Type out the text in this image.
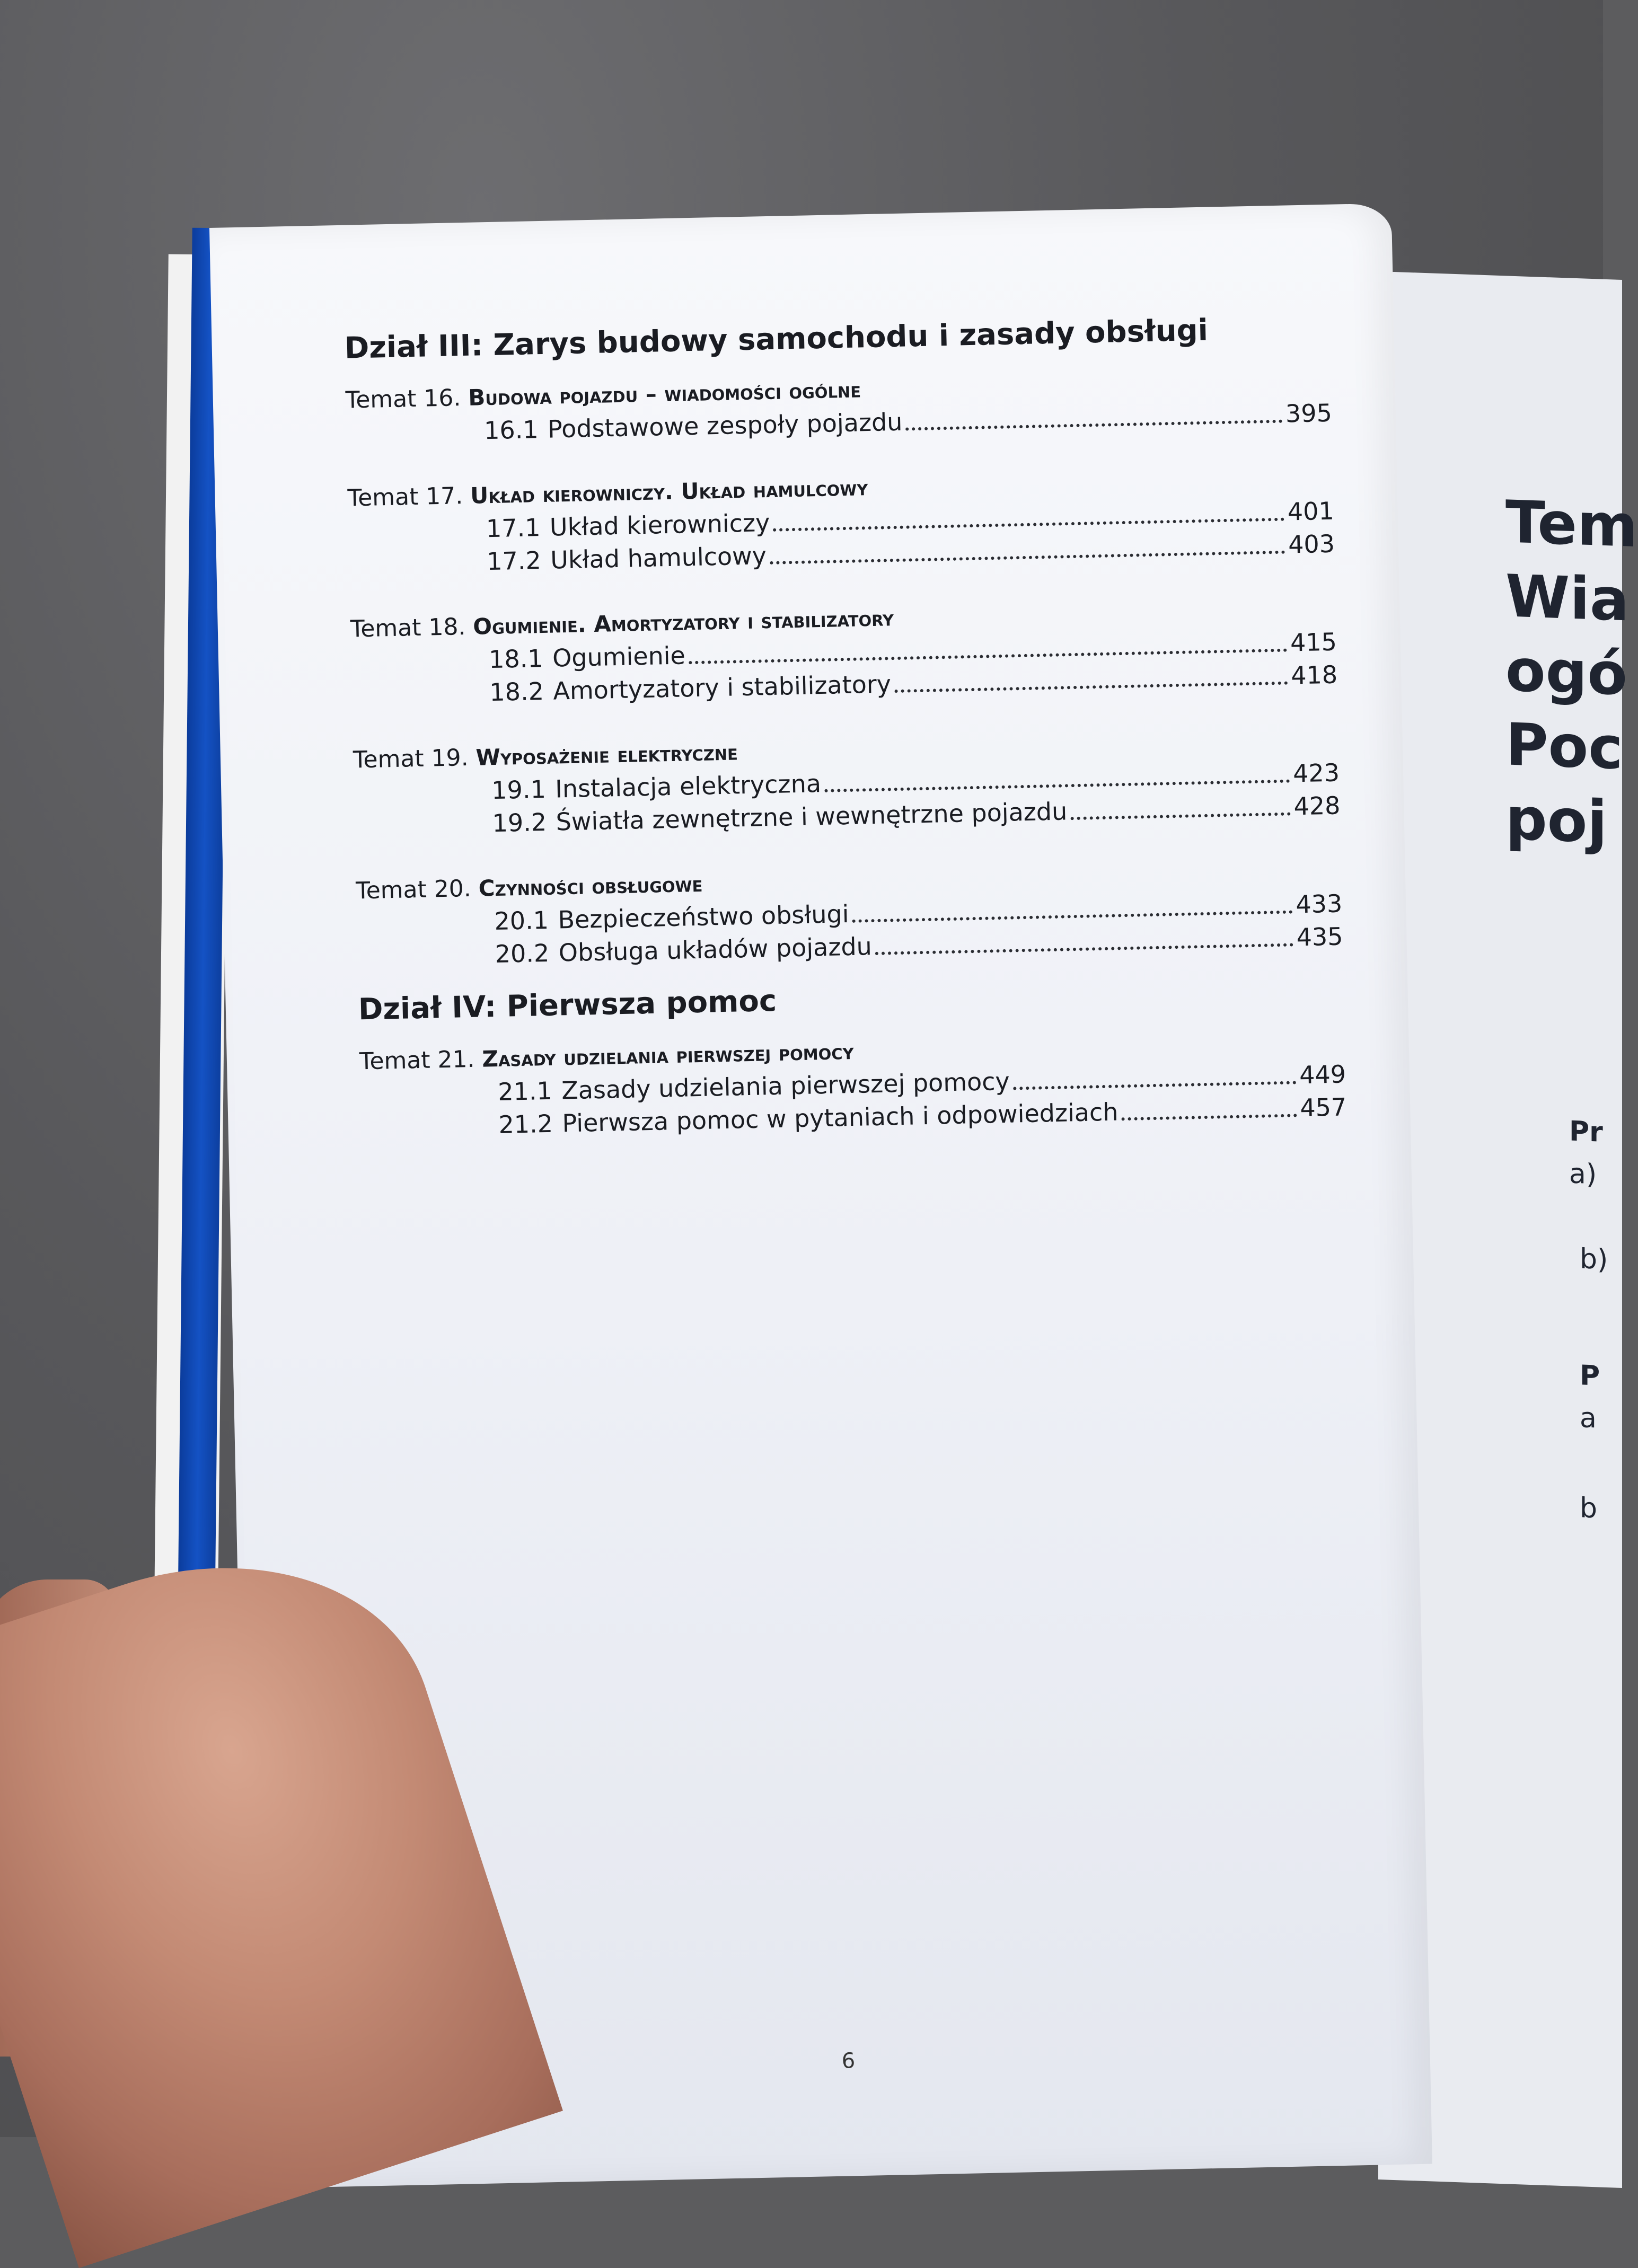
Tem
Wia
ogó
Poc
poj
Pr
a)
b)
P
a
b
Dział III: Zarys budowy samochodu i zasady obsługi
Temat 16. Budowa pojazdu – wiadomości ogólne
16.1 Podstawowe zespoły pojazdu	395
Temat 17. Układ kierowniczy. Układ hamulcowy
17.1 Układ kierowniczy	401
17.2 Układ hamulcowy	403
Temat 18. Ogumienie. Amortyzatory i stabilizatory
18.1 Ogumienie	415
18.2 Amortyzatory i stabilizatory	418
Temat 19. Wyposażenie elektryczne
19.1 Instalacja elektryczna	423
19.2 Światła zewnętrzne i wewnętrzne pojazdu	428
Temat 20. Czynności obsługowe
20.1 Bezpieczeństwo obsługi	433
20.2 Obsługa układów pojazdu	435
Dział IV: Pierwsza pomoc
Temat 21. Zasady udzielania pierwszej pomocy
21.1 Zasady udzielania pierwszej pomocy	449
21.2 Pierwsza pomoc w pytaniach i odpowiedziach	457
6
